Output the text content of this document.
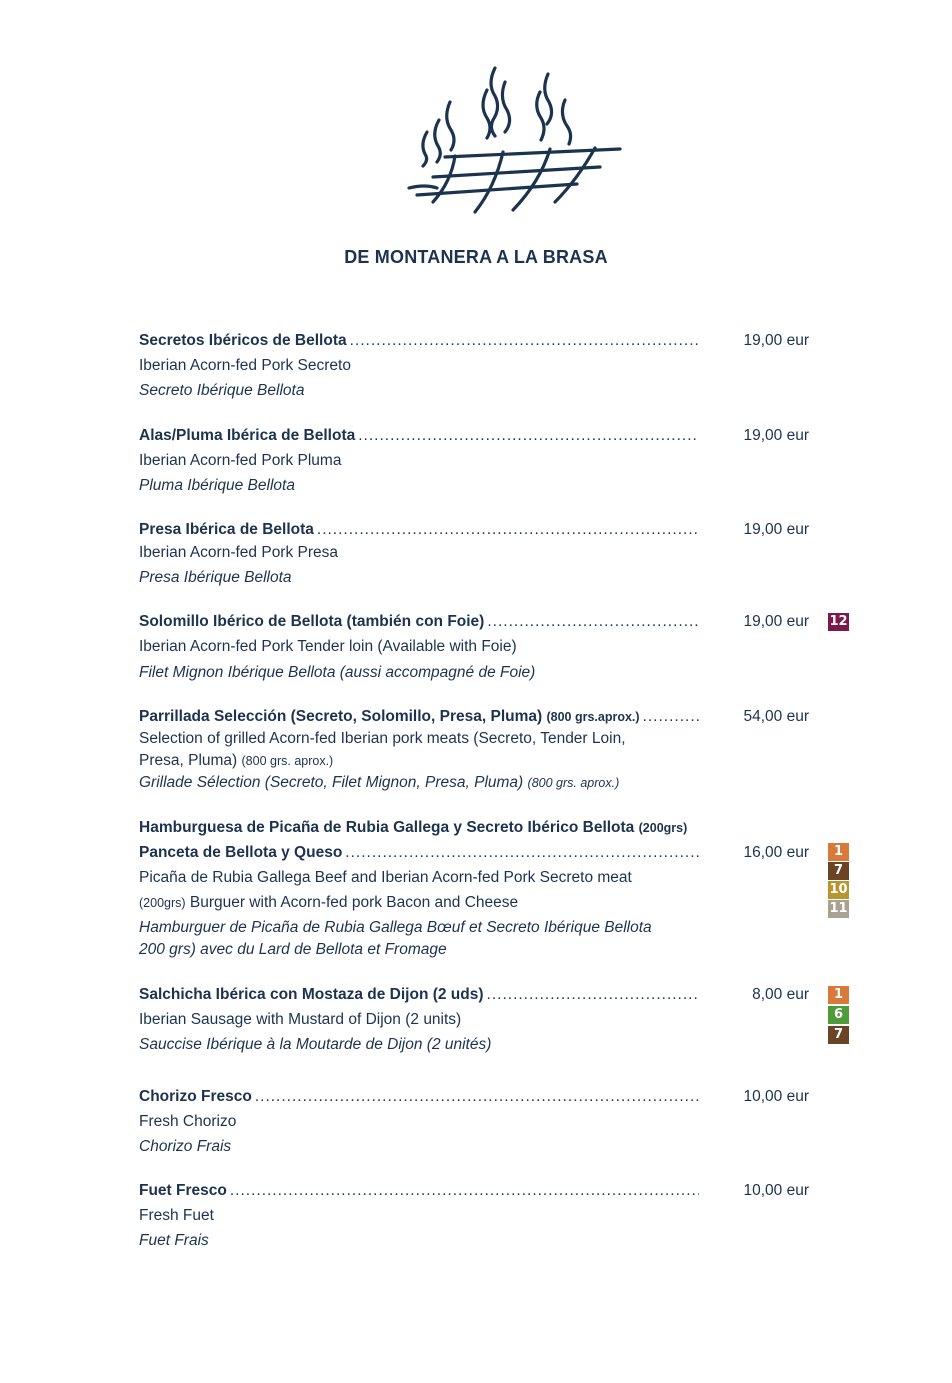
DE MONTANERA A LA BRASA
Secretos Ibéricos de Bellota .....	19,00 eur
Iberian Acorn-fed Pork Secreto
Secreto Ibérique Bellota
Alas/Pluma Ibérica de Bellota .....	19,00 eur
Iberian Acorn-fed Pork Pluma
Pluma Ibérique Bellota
Presa Ibérica de Bellota .....	19,00 eur
Iberian Acorn-fed Pork Presa
Presa Ibérique Bellota
Solomillo Ibérico de Bellota (también con Foie) .....	19,00 eur 12
Iberian Acorn-fed Pork Tender loin (Available with Foie)
Filet Mignon Ibérique Bellota (aussi accompagné de Foie)
Parrillada Selección (Secreto, Solomillo, Presa, Pluma) (800 grs.aprox.) .....	54,00 eur
Selection of grilled Acorn-fed Iberian pork meats (Secreto, Tender Loin,
Presa, Pluma) (800 grs. aprox.)
Grillade Sélection (Secreto, Filet Mignon, Presa, Pluma) (800 grs. aprox.)
Hamburguesa de Picaña de Rubia Gallega y Secreto Ibérico Bellota (200grs)
Panceta de Bellota y Queso .....	16,00 eur	1
7
10
11
Picaña de Rubia Gallega Beef and Iberian Acorn-fed Pork Secreto meat
(200grs) Burguer with Acorn-fed pork Bacon and Cheese
Hamburguer de Picaña de Rubia Gallega Bœuf et Secreto Ibérique Bellota
200 grs) avec du Lard de Bellota et Fromage
Salchicha Ibérica con Mostaza de Dijon (2 uds) .....	8,00 eur	1
6
7
Iberian Sausage with Mustard of Dijon (2 units)
Sauccise Ibérique à la Moutarde de Dijon (2 unités)
Chorizo Fresco .....	10,00 eur
Fresh Chorizo
Chorizo Frais
Fuet Fresco .....	10,00 eur
Fresh Fuet
Fuet Frais
